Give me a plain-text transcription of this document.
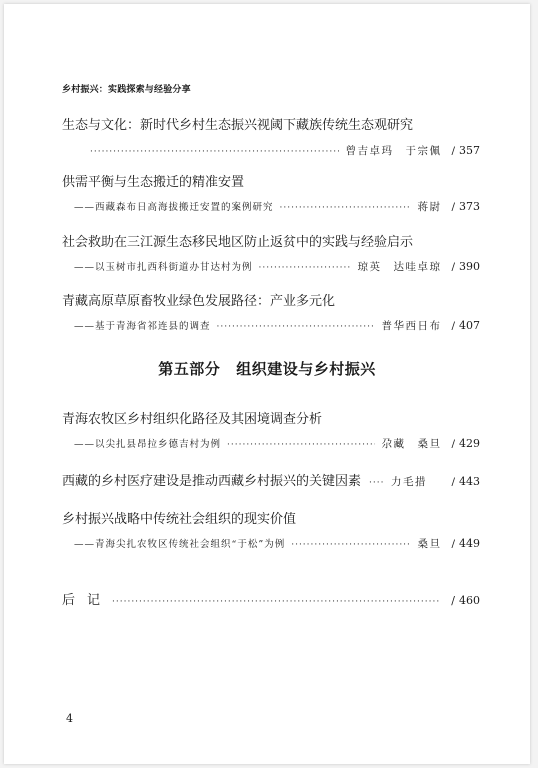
乡村振兴：实践探索与经验分享
生态与文化：新时代乡村生态振兴视阈下藏族传统生态观研究
·····
曾吉卓玛　于宗佩 / 357
供需平衡与生态搬迁的精准安置
——西藏森布日高海拔搬迁安置的案例研究 ·····	蒋尉 / 373
社会救助在三江源生态移民地区防止返贫中的实践与经验启示
——以玉树市扎西科街道办甘达村为例 ·····	琼英　达哇卓琼 / 390
青藏高原草原畜牧业绿色发展路径：产业多元化
——基于青海省祁连县的调查 ·····	普华西日布 / 407
第五部分 组织建设与乡村振兴
青海农牧区乡村组织化路径及其困境调查分析
——以尖扎县昂拉乡德吉村为例 ·····	尕藏　桑旦 / 429
西藏的乡村医疗建设是推动西藏乡村振兴的关键因素 ·····	力毛措 / 443
乡村振兴战略中传统社会组织的现实价值
——青海尖扎农牧区传统社会组织“于松”为例 ·····	桑旦 / 449
后记 ·····	/ 460
4
